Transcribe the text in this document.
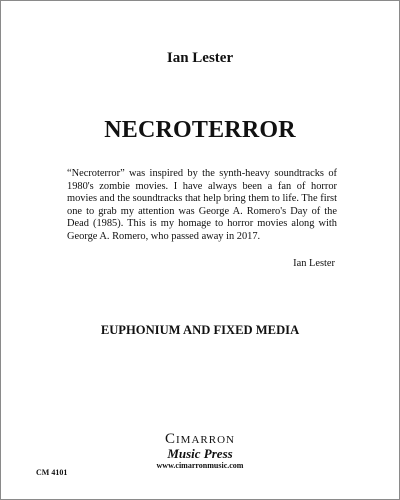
Ian Lester
NECROTERROR
“Necroterror” was inspired by the synth-heavy soundtracks of 1980's zombie movies. I have always been a fan of horror movies and the soundtracks that help bring them to life. The first one to grab my attention was George A. Romero's Day of the Dead (1985). This is my homage to horror movies along with George A. Romero, who passed away in 2017.
Ian Lester
EUPHONIUM AND FIXED MEDIA
Cimarron
Music Press
www.cimarronmusic.com
CM 4101
